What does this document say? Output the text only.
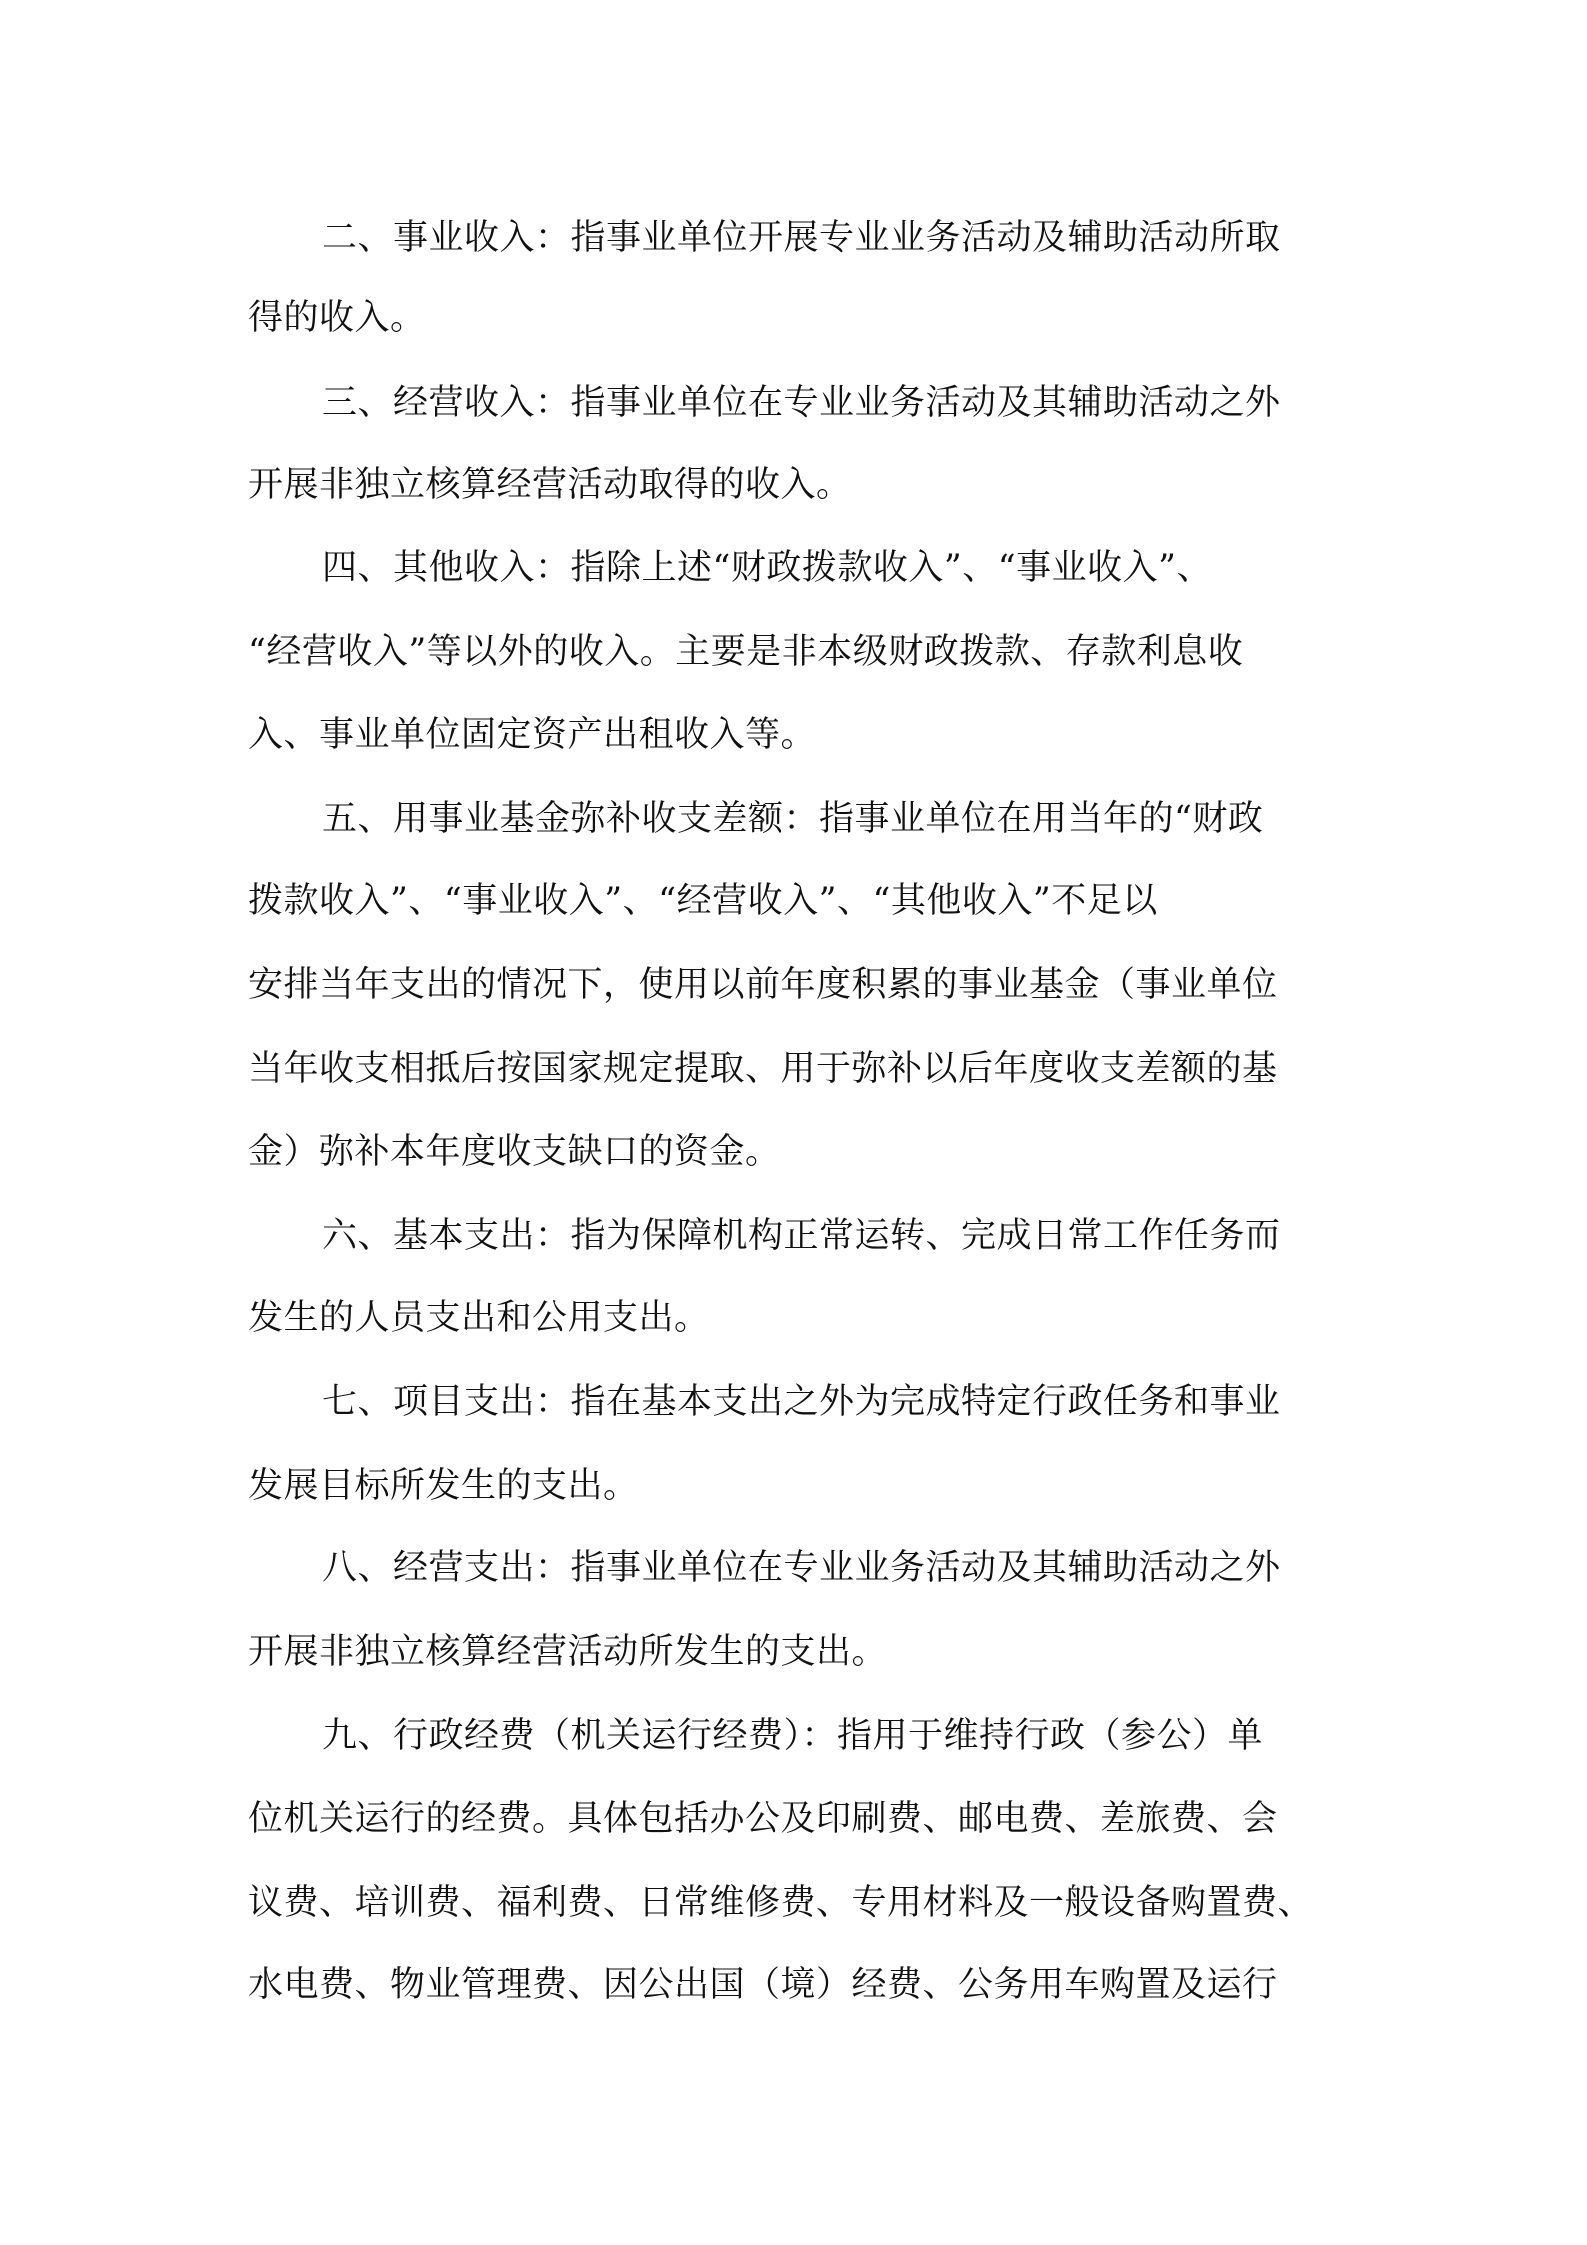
二、事业收入：指事业单位开展专业业务活动及辅助活动所取
得的收入。
三、经营收入：指事业单位在专业业务活动及其辅助活动之外
开展非独立核算经营活动取得的收入。
四、其他收入：指除上述“财政拨款收入”、“事业收入”、
“经营收入”等以外的收入。主要是非本级财政拨款、存款利息收
入、事业单位固定资产出租收入等。
五、用事业基金弥补收支差额：指事业单位在用当年的“财政
拨款收入”、“事业收入”、“经营收入”、“其他收入”不足以
安排当年支出的情况下，使用以前年度积累的事业基金（事业单位
当年收支相抵后按国家规定提取、用于弥补以后年度收支差额的基
金）弥补本年度收支缺口的资金。
六、基本支出：指为保障机构正常运转、完成日常工作任务而
发生的人员支出和公用支出。
七、项目支出：指在基本支出之外为完成特定行政任务和事业
发展目标所发生的支出。
八、经营支出：指事业单位在专业业务活动及其辅助活动之外
开展非独立核算经营活动所发生的支出。
九、行政经费（机关运行经费）：指用于维持行政（参公）单
位机关运行的经费。具体包括办公及印刷费、邮电费、差旅费、会
议费、培训费、福利费、日常维修费、专用材料及一般设备购置费、
水电费、物业管理费、因公出国（境）经费、公务用车购置及运行
